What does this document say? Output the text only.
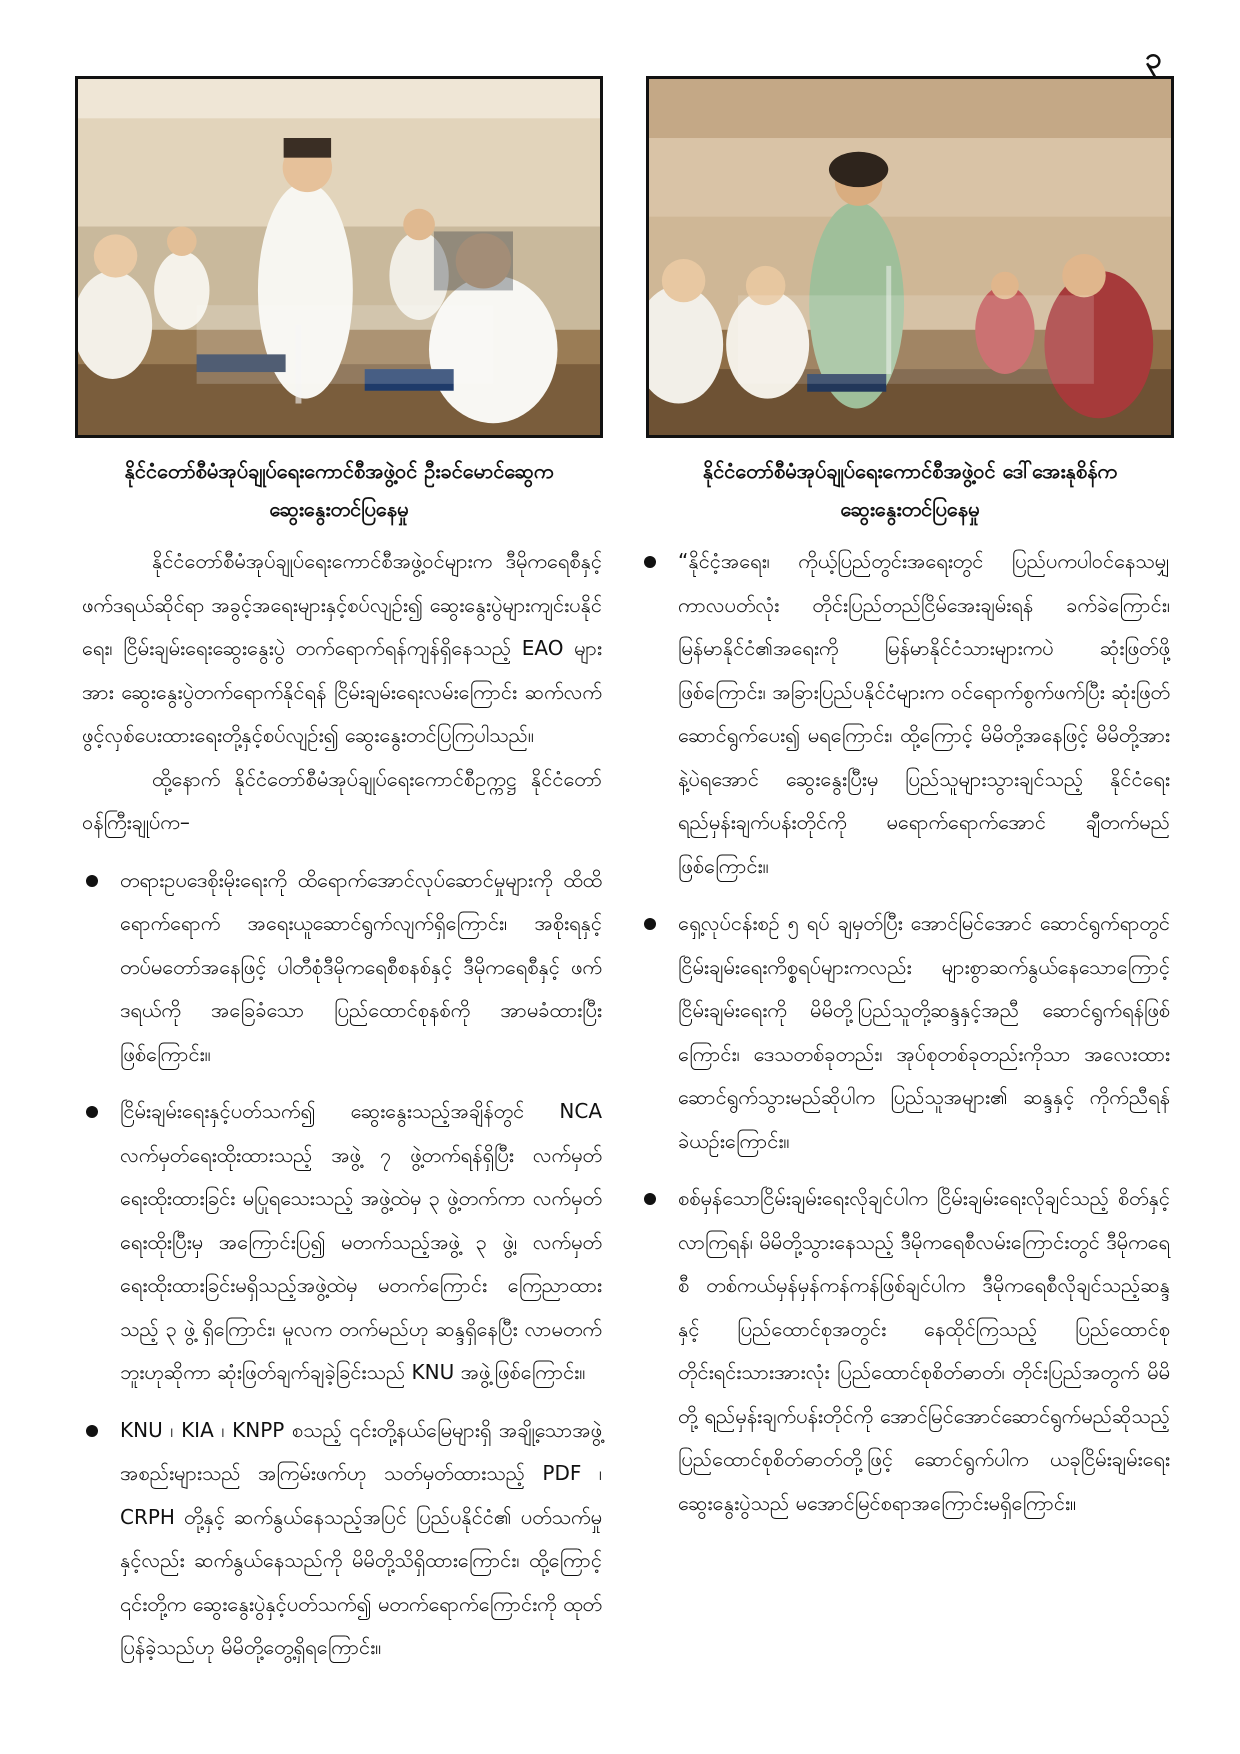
၃
နိုင်ငံတော်စီမံအုပ်ချုပ်ရေးကောင်စီအဖွဲ့ဝင် ဦးခင်မောင်ဆွေက
ဆွေးနွေးတင်ပြနေမှု
နိုင်ငံတော်စီမံအုပ်ချုပ်ရေးကောင်စီအဖွဲ့ဝင် ဒေါ်အေးနုစိန်က
ဆွေးနွေးတင်ပြနေမှု

နိုင်ငံတော်စီမံအုပ်ချုပ်ရေးကောင်စီအဖွဲ့ဝင်များက ဒီမိုကရေစီနှင့် ဖက်ဒရယ်ဆိုင်ရာ အခွင့်အရေးများနှင့်စပ်လျဉ်း၍ ဆွေးနွေးပွဲများကျင်းပနိုင်ရေး၊ ငြိမ်းချမ်းရေးဆွေးနွေးပွဲ တက်ရောက်ရန်ကျန်ရှိနေသည့် EAO များအား ဆွေးနွေးပွဲတက်ရောက်နိုင်ရန် ငြိမ်းချမ်းရေးလမ်းကြောင်း ဆက်လက်ဖွင့်လှစ်ပေးထားရေးတို့နှင့်စပ်လျဉ်း၍ ဆွေးနွေးတင်ပြကြပါသည်။

ထို့နောက် နိုင်ငံတော်စီမံအုပ်ချုပ်ရေးကောင်စီဥက္ကဋ္ဌ နိုင်ငံတော်ဝန်ကြီးချုပ်က–

တရားဥပဒေစိုးမိုးရေးကို ထိရောက်အောင်လုပ်ဆောင်မှုများကို ထိထိရောက်ရောက် အရေးယူဆောင်ရွက်လျက်ရှိကြောင်း၊ အစိုးရနှင့် တပ်မတော်အနေဖြင့် ပါတီစုံဒီမိုကရေစီစနစ်နှင့် ဒီမိုကရေစီနှင့် ဖက်ဒရယ်ကို အခြေခံသော ပြည်ထောင်စုနစ်ကို အာမခံထားပြီးဖြစ်ကြောင်း။
ငြိမ်းချမ်းရေးနှင့်ပတ်သက်၍ ဆွေးနွေးသည့်အချိန်တွင် NCA လက်မှတ်ရေးထိုးထားသည့် အဖွဲ့ ၇ ဖွဲ့တက်ရန်ရှိပြီး လက်မှတ်ရေးထိုးထားခြင်း မပြုရသေးသည့် အဖွဲ့ထဲမှ ၃ ဖွဲ့တက်ကာ လက်မှတ်ရေးထိုးပြီးမှ အကြောင်းပြ၍ မတက်သည့်အဖွဲ့ ၃ ဖွဲ့၊ လက်မှတ်ရေးထိုးထားခြင်းမရှိသည့်အဖွဲ့ထဲမှ မတက်ကြောင်း ကြေညာထားသည့် ၃ ဖွဲ့ ရှိကြောင်း၊ မူလက တက်မည်ဟု ဆန္ဒရှိနေပြီး လာမတက်ဘူးဟုဆိုကာ ဆုံးဖြတ်ချက်ချခဲ့ခြင်းသည် KNU အဖွဲ့ဖြစ်ကြောင်း။
KNU ၊ KIA ၊ KNPP စသည့် ၎င်းတို့နယ်မြေများရှိ အချို့သောအဖွဲ့အစည်းများသည် အကြမ်းဖက်ဟု သတ်မှတ်ထားသည့် PDF ၊ CRPH တို့နှင့် ဆက်နွယ်နေသည့်အပြင် ပြည်ပနိုင်ငံ၏ ပတ်သက်မှုနှင့်လည်း ဆက်နွယ်နေသည်ကို မိမိတို့သိရှိထားကြောင်း၊ ထို့ကြောင့် ၎င်းတို့က ဆွေးနွေးပွဲနှင့်ပတ်သက်၍ မတက်ရောက်ကြောင်းကို ထုတ်ပြန်ခဲ့သည်ဟု မိမိတို့တွေ့ရှိရကြောင်း။
“နိုင်ငံ့အရေး၊ ကိုယ့်ပြည်တွင်းအရေးတွင် ပြည်ပကပါဝင်နေသမျှ ကာလပတ်လုံး တိုင်းပြည်တည်ငြိမ်အေးချမ်းရန် ခက်ခဲကြောင်း၊ မြန်မာနိုင်ငံ၏အရေးကို မြန်မာနိုင်ငံသားများကပဲ ဆုံးဖြတ်ဖို့ဖြစ်ကြောင်း၊ အခြားပြည်ပနိုင်ငံများက ဝင်ရောက်စွက်ဖက်ပြီး ဆုံးဖြတ်ဆောင်ရွက်ပေး၍ မရကြောင်း၊ ထို့ကြောင့် မိမိတို့အနေဖြင့် မိမိတို့အားနဲ့ပဲရအောင် ဆွေးနွေးပြီးမှ ပြည်သူများသွားချင်သည့် နိုင်ငံရေးရည်မှန်းချက်ပန်းတိုင်ကို မရောက်ရောက်အောင် ချီတက်မည်ဖြစ်ကြောင်း။
ရှေ့လုပ်ငန်းစဉ် ၅ ရပ် ချမှတ်ပြီး အောင်မြင်အောင် ဆောင်ရွက်ရာတွင် ငြိမ်းချမ်းရေးကိစ္စရပ်များကလည်း များစွာဆက်နွယ်နေသောကြောင့် ငြိမ်းချမ်းရေးကို မိမိတို့ပြည်သူတို့ဆန္ဒနှင့်အညီ ဆောင်ရွက်ရန်ဖြစ်ကြောင်း၊ ဒေသတစ်ခုတည်း၊ အုပ်စုတစ်ခုတည်းကိုသာ အလေးထားဆောင်ရွက်သွားမည်ဆိုပါက ပြည်သူအများ၏ ဆန္ဒနှင့် ကိုက်ညီရန်ခဲယဉ်းကြောင်း။
စစ်မှန်သောငြိမ်းချမ်းရေးလိုချင်ပါက ငြိမ်းချမ်းရေးလိုချင်သည့် စိတ်နှင့် လာကြရန်၊ မိမိတို့သွားနေသည့် ဒီမိုကရေစီလမ်းကြောင်းတွင် ဒီမိုကရေစီ တစ်ကယ်မှန်မှန်ကန်ကန်ဖြစ်ချင်ပါက ဒီမိုကရေစီလိုချင်သည့်ဆန္ဒနှင့် ပြည်ထောင်စုအတွင်း နေထိုင်ကြသည့် ပြည်ထောင်စုတိုင်းရင်းသားအားလုံး ပြည်ထောင်စုစိတ်ဓာတ်၊ တိုင်းပြည်အတွက် မိမိတို့ ရည်မှန်းချက်ပန်းတိုင်ကို အောင်မြင်အောင်ဆောင်ရွက်မည်ဆိုသည့် ပြည်ထောင်စုစိတ်ဓာတ်တို့ဖြင့် ဆောင်ရွက်ပါက ယခုငြိမ်းချမ်းရေးဆွေးနွေးပွဲသည် မအောင်မြင်စရာအကြောင်းမရှိကြောင်း။
